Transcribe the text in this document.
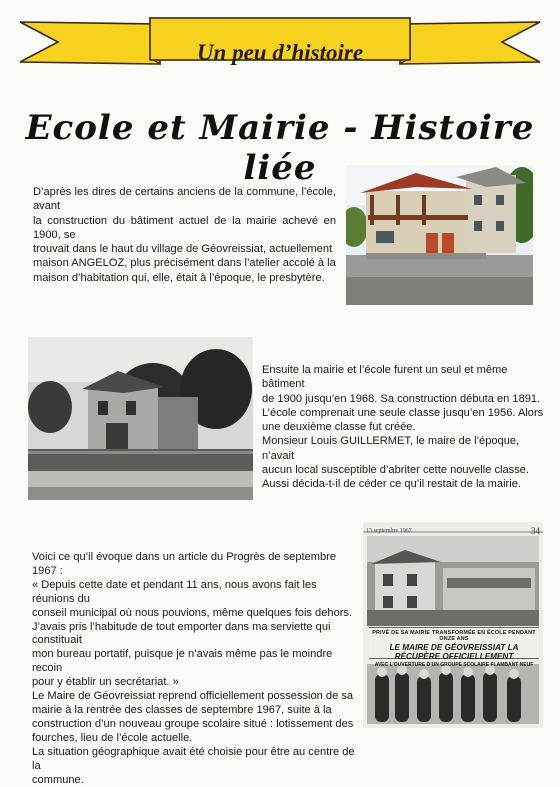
Un peu d’histoire
Ecole et Mairie - Histoire liée
D’après les dires de certains anciens de la commune, l’école, avant
la construction du bâtiment actuel de la mairie achevé en 1900, se
trouvait dans le haut du village de Géovreissiat, actuellement
maison ANGELOZ, plus précisément dans l’atelier accolé à la
maison d’habitation qui, elle, était à l’époque, le presbytère.
Ensuite la mairie et l’école furent un seul et même bâtiment
de 1900 jusqu’en 1968. Sa construction débuta en 1891.
L’école comprenait une seule classe jusqu’en 1956. Alors
une deuxième classe fut créée.
Monsieur Louis GUILLERMET, le maire de l’époque, n’avait
aucun local susceptible d’abriter cette nouvelle classe.
Aussi décida-t-il de céder ce qu’il restait de la mairie.
Voici ce qu’il évoque dans un article du Progrès de septembre 1967 :
« Depuis cette date et pendant 11 ans, nous avons fait les réunions du
conseil municipal où nous pouvions, même quelques fois dehors.
J’avais pris l’habitude de tout emporter dans ma serviette qui constituait
mon bureau portatif, puisque je n’avais même pas le moindre recoin
pour y établir un secrétariat. »
Le Maire de Géovreissiat reprend officiellement possession de sa
mairie à la rentrée des classes de septembre 1967, suite à la
construction d’un nouveau groupe scolaire situé : lotissement des
fourches, lieu de l’école actuelle.
La situation géographique avait été choisie pour être au centre de la
commune.
15 septembre 1967	34
PRIVÉ DE SA MAIRIE TRANSFORMÉE EN ÉCOLE PENDANT ONZE ANS
LE MAIRE DE GÉOVREISSIAT LA RÉCUPÈRE OFFICIELLEMENT
AVEC L’OUVERTURE D’UN GROUPE SCOLAIRE FLAMBANT NEUF
